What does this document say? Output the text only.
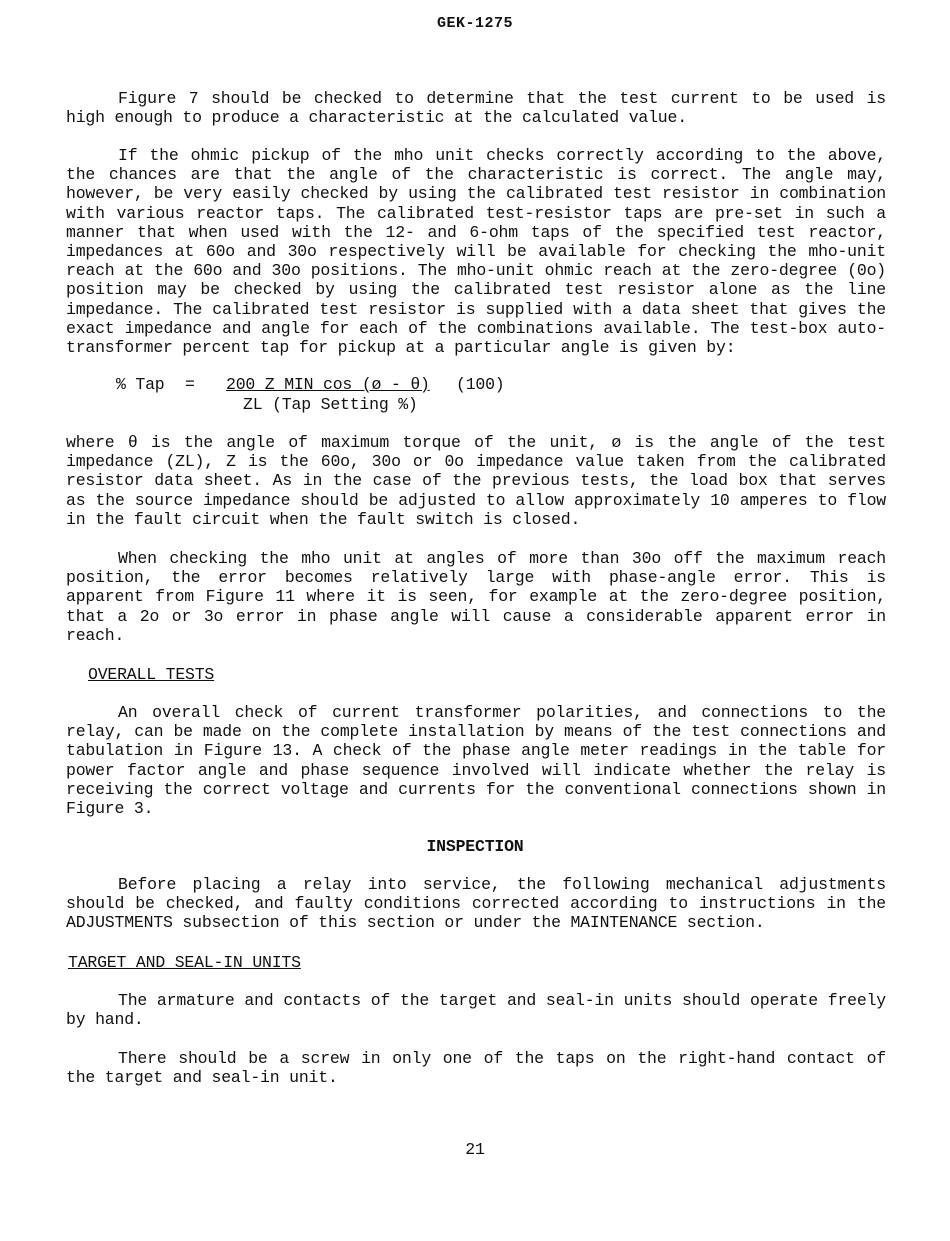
GEK-1275

Figure 7 should be checked to determine that the test current to be used is high enough to produce a characteristic at the calculated value.

If the ohmic pickup of the mho unit checks correctly according to the above, the chances are that the angle of the characteristic is correct. The angle may, however, be very easily checked by using the calibrated test resistor in combination with various reactor taps. The calibrated test-resistor taps are pre-set in such a manner that when used with the 12- and 6-ohm taps of the specified test reactor, impedances at 60o and 30o respectively will be available for checking the mho-unit reach at the 60o and 30o positions. The mho-unit ohmic reach at the zero-degree (0o) position may be checked by using the calibrated test resistor alone as the line impedance. The calibrated test resistor is supplied with a data sheet that gives the exact impedance and angle for each of the combinations available. The test-box auto-transformer percent tap for pickup at a particular angle is given by:

% Tap = 200 Z MIN cos (ø - θ) (100)
ZL (Tap Setting %)

where θ is the angle of maximum torque of the unit, ø is the angle of the test impedance (ZL), Z is the 60o, 30o or 0o impedance value taken from the calibrated resistor data sheet. As in the case of the previous tests, the load box that serves as the source impedance should be adjusted to allow approximately 10 amperes to flow in the fault circuit when the fault switch is closed.

When checking the mho unit at angles of more than 30o off the maximum reach position, the error becomes relatively large with phase-angle error. This is apparent from Figure 11 where it is seen, for example at the zero-degree position, that a 2o or 3o error in phase angle will cause a considerable apparent error in reach.

OVERALL TESTS

An overall check of current transformer polarities, and connections to the relay, can be made on the complete installation by means of the test connections and tabulation in Figure 13. A check of the phase angle meter readings in the table for power factor angle and phase sequence involved will indicate whether the relay is receiving the correct voltage and currents for the conventional connections shown in Figure 3.

INSPECTION

Before placing a relay into service, the following mechanical adjustments should be checked, and faulty conditions corrected according to instructions in the ADJUSTMENTS subsection of this section or under the MAINTENANCE section.

TARGET AND SEAL-IN UNITS

The armature and contacts of the target and seal-in units should operate freely by hand.

There should be a screw in only one of the taps on the right-hand contact of the target and seal-in unit.

21
